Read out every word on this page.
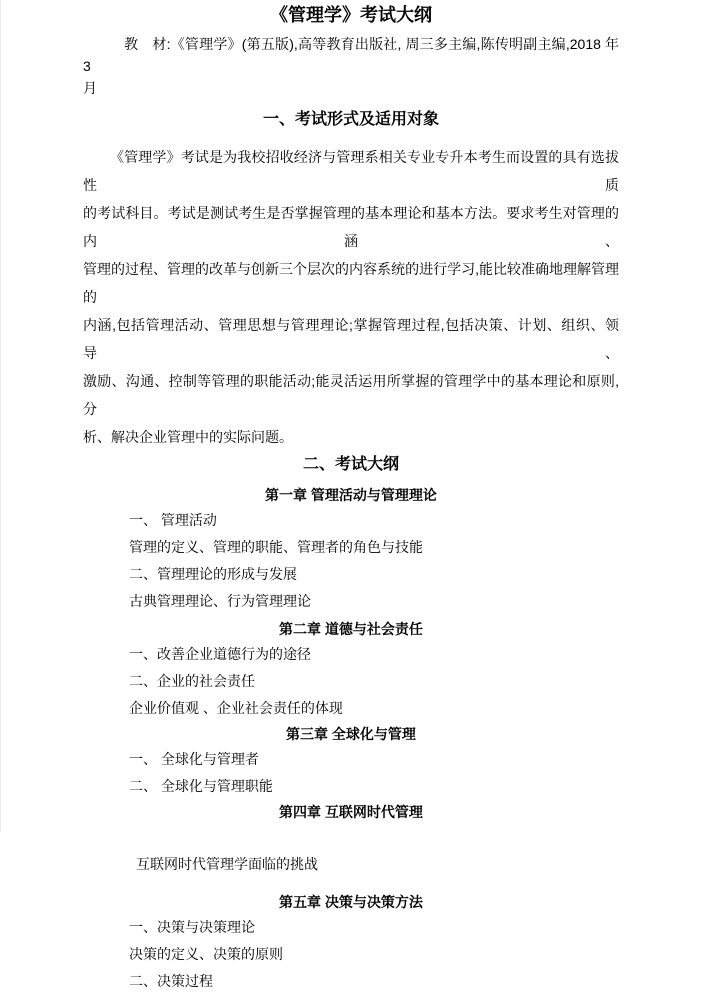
《管理学》考试大纲
教　材:《管理学》(第五版),高等教育出版社, 周三多主编,陈传明副主编,2018 年 3
月
一、考试形式及适用对象
《管理学》考试是为我校招收经济与管理系相关专业专升本考生而设置的具有选拔性质
的考试科目。考试是测试考生是否掌握管理的基本理论和基本方法。要求考生对管理的内涵、
管理的过程、管理的改革与创新三个层次的内容系统的进行学习,能比较准确地理解管理的
内涵,包括管理活动、管理思想与管理理论;掌握管理过程,包括决策、计划、组织、领导、
激励、沟通、控制等管理的职能活动;能灵活运用所掌握的管理学中的基本理论和原则,分
析、解决企业管理中的实际问题。
二、考试大纲
第一章 管理活动与管理理论
一、 管理活动
管理的定义、管理的职能、管理者的角色与技能
二、管理理论的形成与发展
古典管理理论、行为管理理论
第二章 道德与社会责任
一、改善企业道德行为的途径
二、企业的社会责任
企业价值观 、企业社会责任的体现
第三章 全球化与管理
一、 全球化与管理者
二、 全球化与管理职能
第四章 互联网时代管理
互联网时代管理学面临的挑战
第五章 决策与决策方法
一、决策与决策理论
决策的定义、决策的原则
二、决策过程
